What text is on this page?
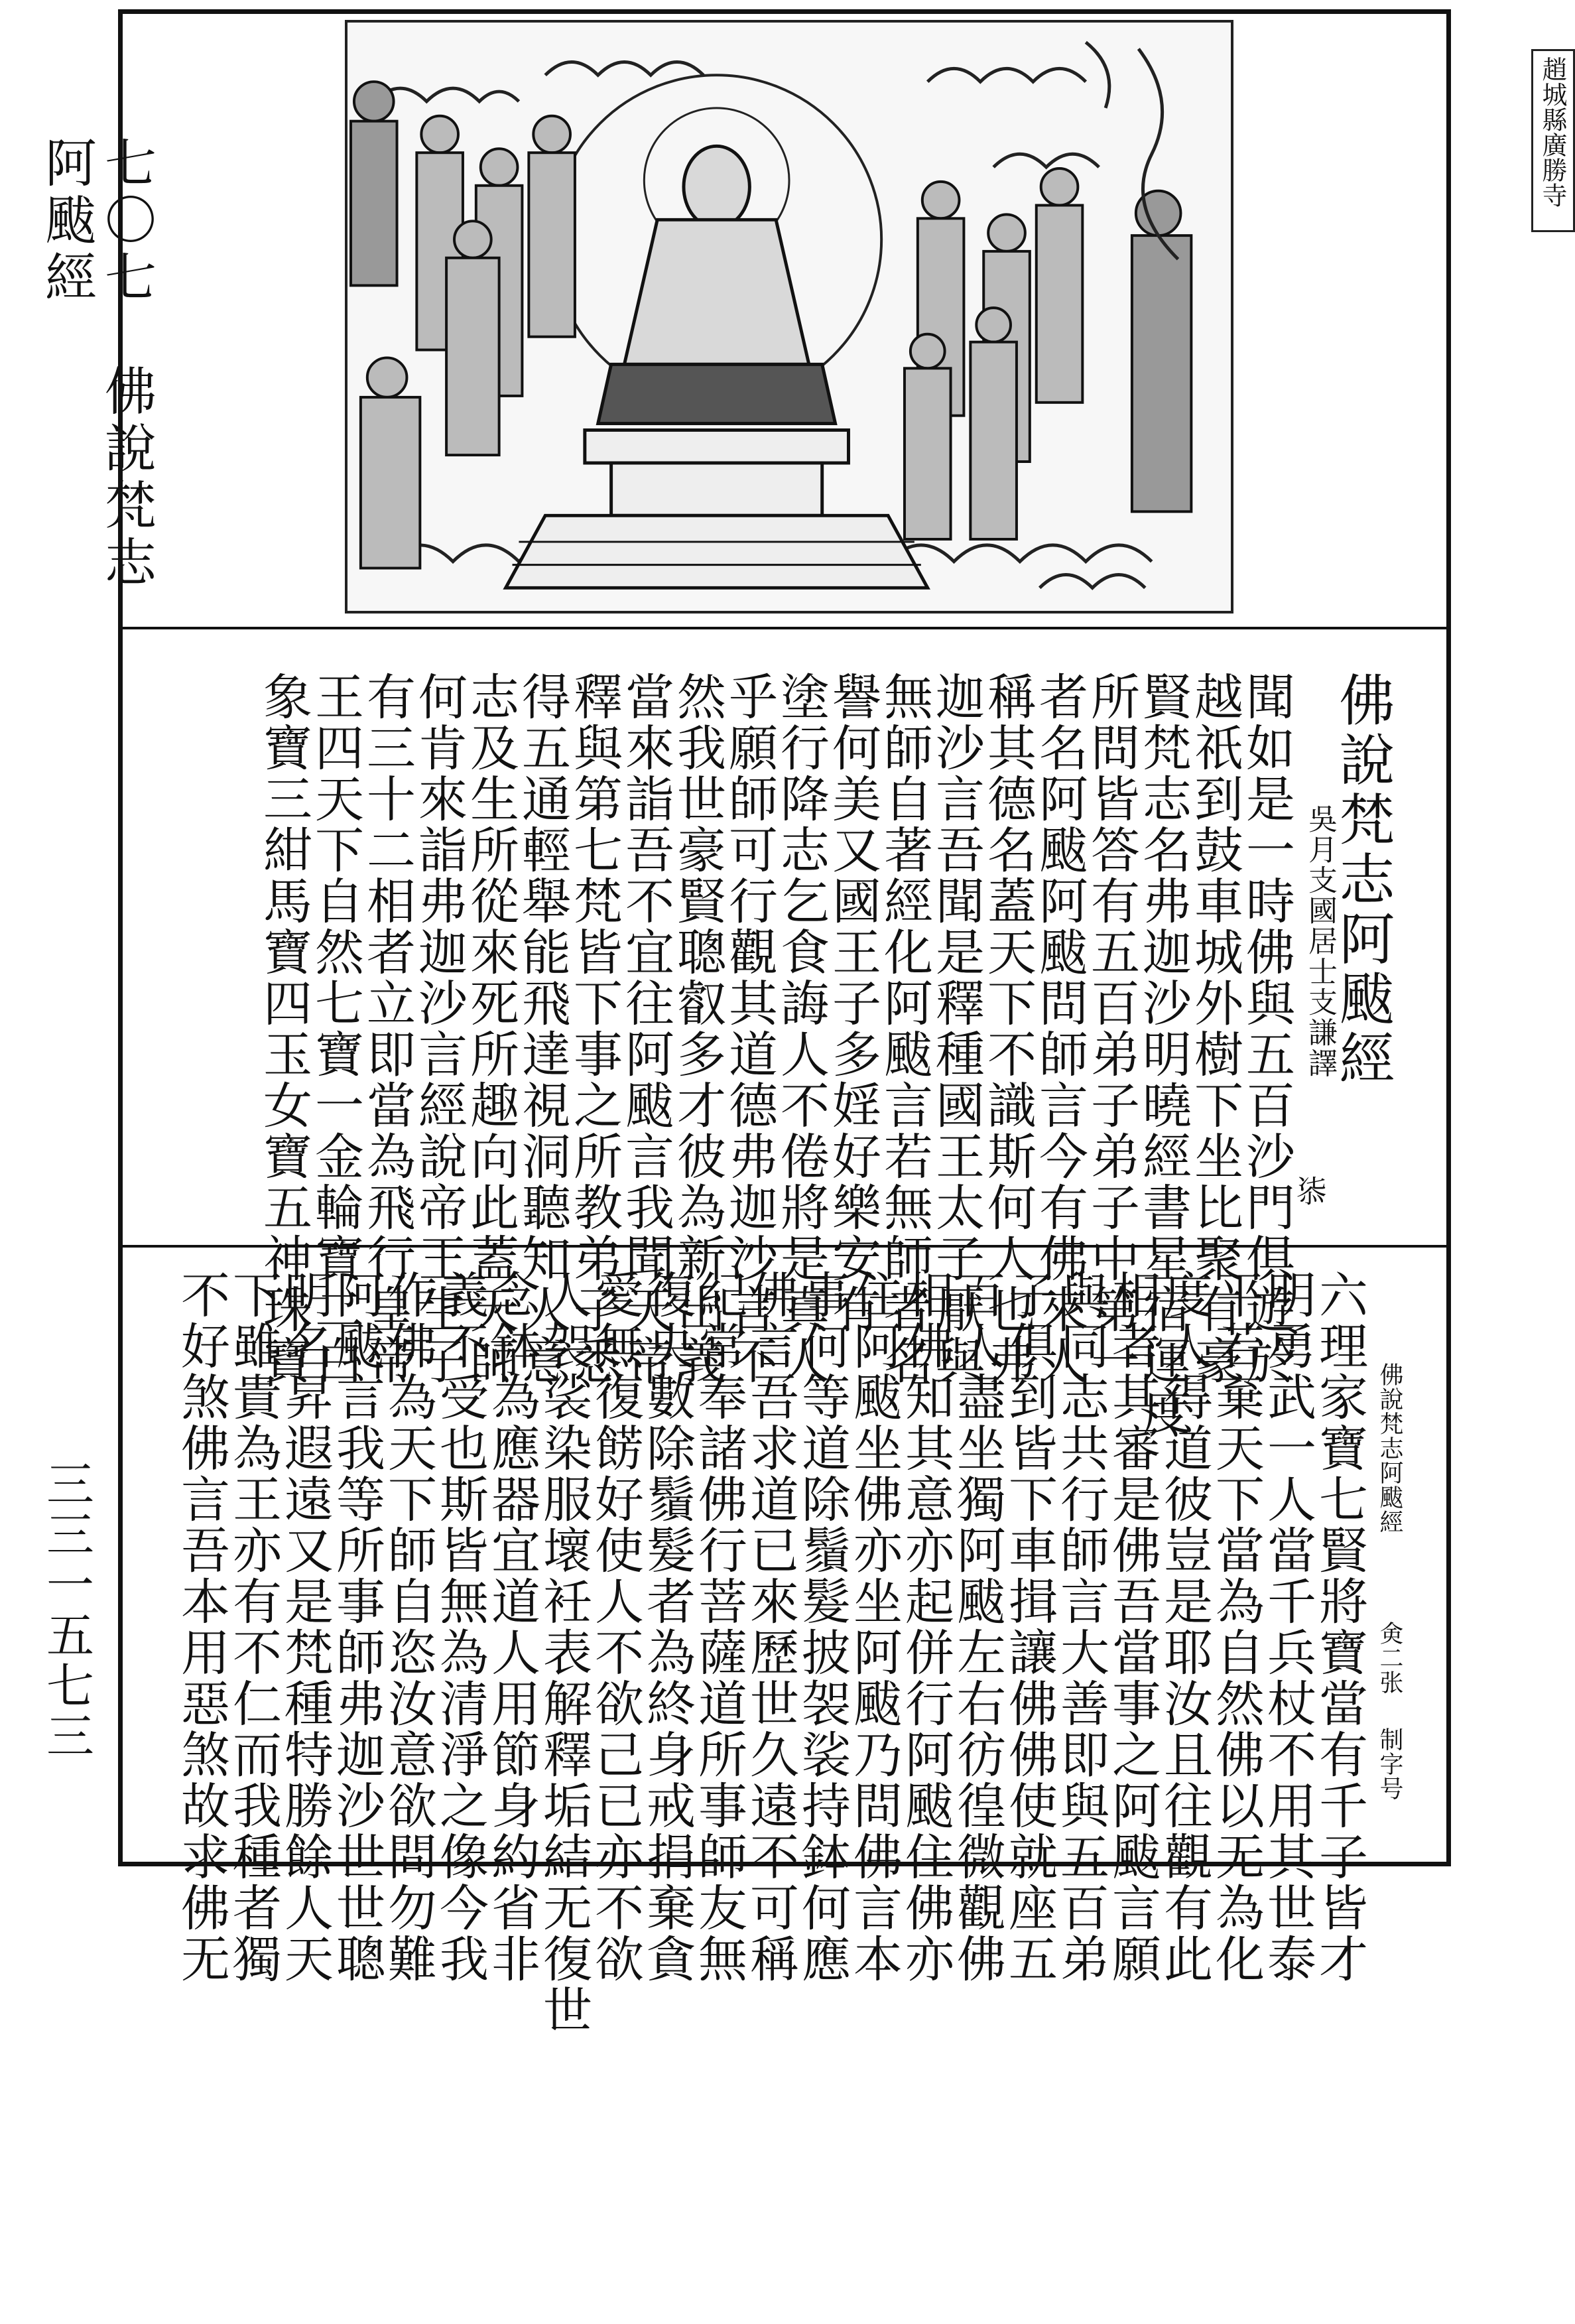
七〇七　佛說梵志阿颰經
三三一五七三
趙城縣廣勝寺
佛說梵志阿颰經
吳月支國居士支謙譯
㓒
聞如是一時佛與五百沙門俱遊於
越祇到鼓車城外樹下坐比聚有豪
賢梵志名弗迦沙明曉經書星宿運度
所問皆答有五百弟子弟子中第一
者名阿颰阿颰問師言今有佛來人
稱其德名蓋天下不識斯何人也弗
迦沙言吾聞是釋種國王太子厭與
無師自著經化阿颰言若無師者名
譽何美又國王子多婬好樂安有
塗行降志乞食誨人不倦將是真人
乎願師可行觀其道德弗迦沙言不
然我世豪賢聰叡多才彼為新出義
當來詣吾不宜往阿颰言我聞天帝
釋與第七梵皆下事之所教弟子悉
得五通輕舉能飛達視洞聽知人意
志及生所從來死所趣向此蓋天師
何肯來詣弗迦沙言經說帝王生子
有三十二相者立即當為飛行皇帝
王四天下自然七寶一金輪寶二白
象寶三紺馬寶四玉女寶五神珠寶
佛說梵志阿颰經
㑒二张
制字号
六理家寶七賢將寶當有千子皆才
明勇武一人當千兵杖不用其世泰
平若棄天下當為自然佛以无為化
度人得道彼豈是耶汝且往觀有此
相者其審是佛吾當事之阿颰言願
與同志共行師言大善即與五百弟
子俱到皆下車揖讓佛佛使就座五
百人盡坐獨阿颰左右彷徨微觀佛
相佛知其意亦起併行阿颰住佛亦
住阿颰坐佛亦坐阿颰乃問佛言本
事何等道除鬚髮披袈裟持鉢何應
佛言吾求道已來歷世久遠不可稱
紀常奉諸佛行菩薩道所事師友無
復央數除鬚髮者為終身戒捐棄貪
愛無復餝好使人不欲己已亦不欲
人袈裟染服壞衽表解釋垢結无復世
念鉢為應器宜道人用節身約省非
義不受也斯皆無為清淨之像今我
作佛為天下師自恣汝意欲問勿難
阿颰言我等所事師弗迦沙世世聰
明名昇遐遠又是梵種特勝餘人天
下雖貴為王亦有不仁而我種者獨
不好煞佛言吾本用惡煞故求佛无
